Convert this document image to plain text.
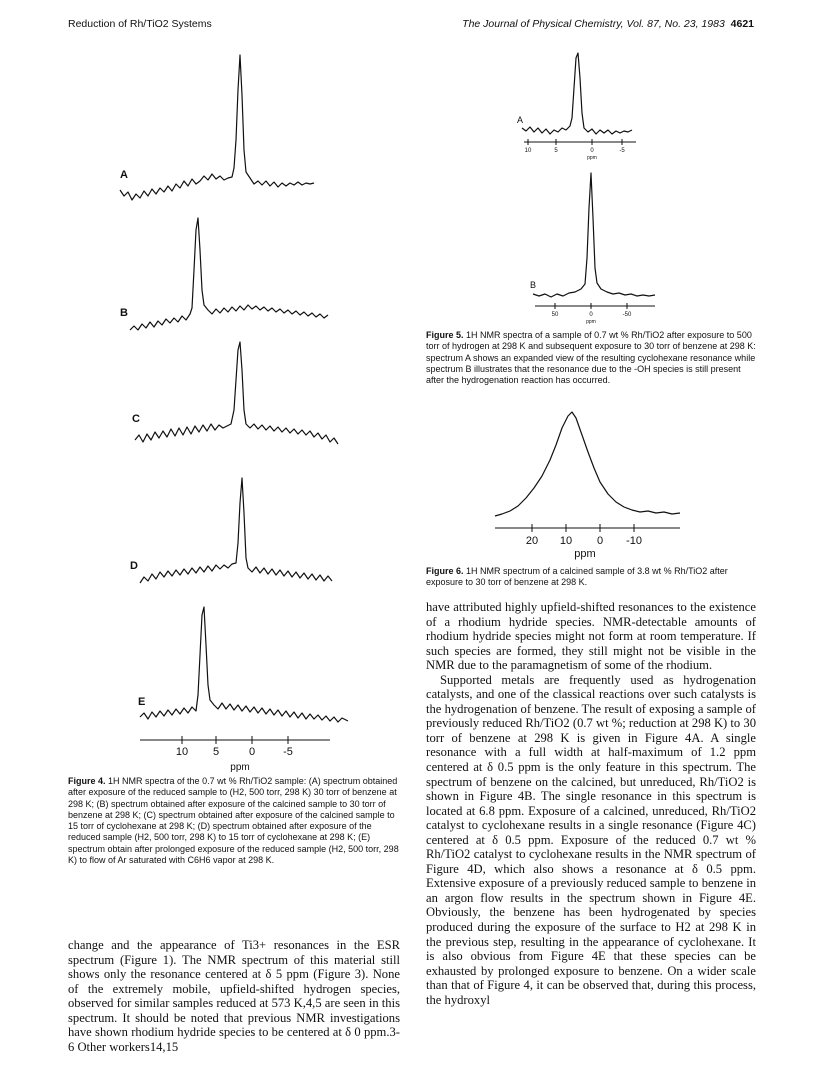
Reduction of Rh/TiO2 Systems	The Journal of Physical Chemistry, Vol. 87, No. 23, 1983 4621
A
B
C
D
E
10 5	0	-5
ppm
Figure 4. 1H NMR spectra of the 0.7 wt % Rh/TiO2 sample: (A) spectrum obtained after exposure of the reduced sample to (H2, 500 torr, 298 K) 30 torr of benzene at 298 K; (B) spectrum obtained after exposure of the calcined sample to 30 torr of benzene at 298 K; (C) spectrum obtained after exposure of the calcined sample to 15 torr of cyclohexane at 298 K; (D) spectrum obtained after exposure of the reduced sample (H2, 500 torr, 298 K) to 15 torr of cyclohexane at 298 K; (E) spectrum obtain after prolonged exposure of the reduced sample (H2, 500 torr, 298 K) to flow of Ar saturated with C6H6 vapor at 298 K.

change and the appearance of Ti3+ resonances in the ESR spectrum (Figure 1). The NMR spectrum of this material still shows only the resonance centered at δ 5 ppm (Figure 3). None of the extremely mobile, upfield-shifted hydrogen species, observed for similar samples reduced at 573 K,4,5 are seen in this spectrum. It should be noted that previous NMR investigations have shown rhodium hydride species to be centered at δ 0 ppm.3-6 Other workers14,15

A
10	5	0	-5
ppm
B
50	0	-50
ppm
Figure 5. 1H NMR spectra of a sample of 0.7 wt % Rh/TiO2 after exposure to 500 torr of hydrogen at 298 K and subsequent exposure to 30 torr of benzene at 298 K: spectrum A shows an expanded view of the resulting cyclohexane resonance while spectrum B illustrates that the resonance due to the -OH species is still present after the hydrogenation reaction has occurred.
20 10 0 -10
ppm
Figure 6. 1H NMR spectrum of a calcined sample of 3.8 wt % Rh/TiO2 after exposure to 30 torr of benzene at 298 K.

have attributed highly upfield-shifted resonances to the existence of a rhodium hydride species. NMR-detectable amounts of rhodium hydride species might not form at room temperature. If such species are formed, they still might not be visible in the NMR due to the paramagnetism of some of the rhodium.

Supported metals are frequently used as hydrogenation catalysts, and one of the classical reactions over such catalysts is the hydrogenation of benzene. The result of exposing a sample of previously reduced Rh/TiO2 (0.7 wt %; reduction at 298 K) to 30 torr of benzene at 298 K is given in Figure 4A. A single resonance with a full width at half-maximum of 1.2 ppm centered at δ 0.5 ppm is the only feature in this spectrum. The spectrum of benzene on the calcined, but unreduced, Rh/TiO2 is shown in Figure 4B. The single resonance in this spectrum is located at 6.8 ppm. Exposure of a calcined, unreduced, Rh/TiO2 catalyst to cyclohexane results in a single resonance (Figure 4C) centered at δ 0.5 ppm. Exposure of the reduced 0.7 wt % Rh/TiO2 catalyst to cyclohexane results in the NMR spectrum of Figure 4D, which also shows a resonance at δ 0.5 ppm. Extensive exposure of a previously reduced sample to benzene in an argon flow results in the spectrum shown in Figure 4E. Obviously, the benzene has been hydrogenated by species produced during the exposure of the surface to H2 at 298 K in the previous step, resulting in the appearance of cyclohexane. It is also obvious from Figure 4E that these species can be exhausted by prolonged exposure to benzene. On a wider scale than that of Figure 4, it can be observed that, during this process, the hydroxyl
